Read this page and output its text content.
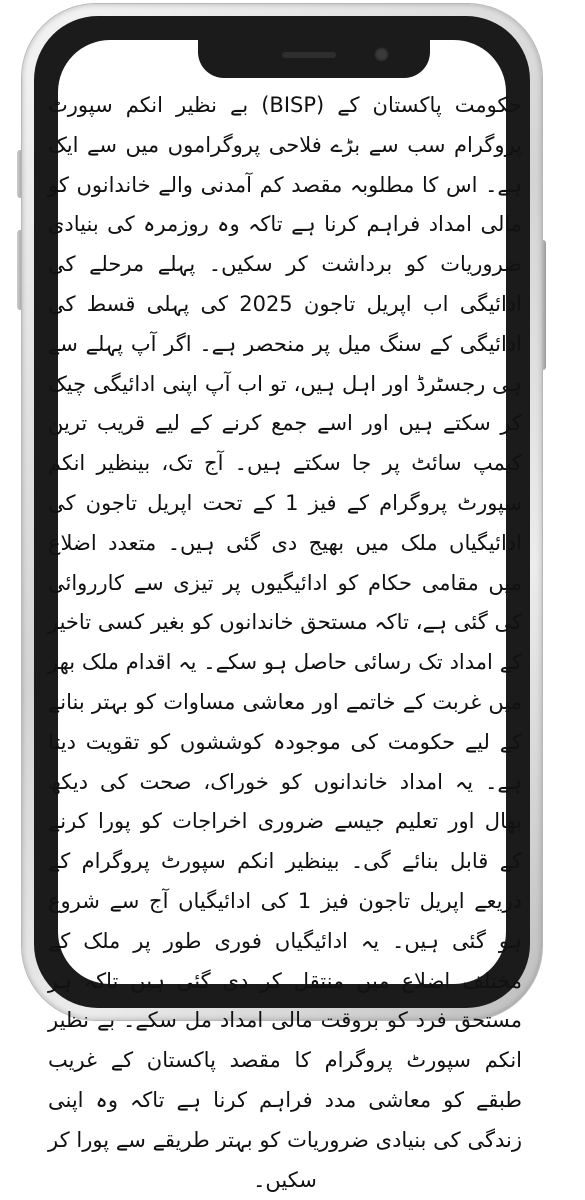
حکومت پاکستان کے (BISP) بے نظیر انکم سپورٹ پروگرام سب سے بڑے فلاحی پروگراموں میں سے ایک ہے۔ اس کا مطلوبہ مقصد کم آمدنی والے خاندانوں کو مالی امداد فراہم کرنا ہے تاکہ وہ روزمرہ کی بنیادی ضروریات کو برداشت کر سکیں۔ پہلے مرحلے کی ادائیگی اب اپریل تاجون 2025 کی پہلی قسط کی ادائیگی کے سنگ میل پر منحصر ہے۔ اگر آپ پہلے سے ہی رجسٹرڈ اور اہل ہیں، تو اب آپ اپنی ادائیگی چیک کر سکتے ہیں اور اسے جمع کرنے کے لیے قریب ترین کیمپ سائٹ پر جا سکتے ہیں۔ آج تک، بینظیر انکم سپورٹ پروگرام کے فیز 1 کے تحت اپریل تاجون کی ادائیگیاں ملک میں بھیج دی گئی ہیں۔ متعدد اضلاع میں مقامی حکام کو ادائیگیوں پر تیزی سے کارروائی کی گئی ہے، تاکہ مستحق خاندانوں کو بغیر کسی تاخیر کے امداد تک رسائی حاصل ہو سکے۔ یہ اقدام ملک بھر میں غربت کے خاتمے اور معاشی مساوات کو بہتر بنانے کے لیے حکومت کی موجودہ کوششوں کو تقویت دیتا ہے۔ یہ امداد خاندانوں کو خوراک، صحت کی دیکھ بھال اور تعلیم جیسے ضروری اخراجات کو پورا کرنے کے قابل بنائے گی۔ بینظیر انکم سپورٹ پروگرام کے ذریعے اپریل تاجون فیز 1 کی ادائیگیاں آج سے شروع ہو گئی ہیں۔ یہ ادائیگیاں فوری طور پر ملک کے مختلف اضلاع میں منتقل کر دی گئی ہیں تاکہ ہر مستحق فرد کو بروقت مالی امداد مل سکے۔ بے نظیر انکم سپورٹ پروگرام کا مقصد پاکستان کے غریب طبقے کو معاشی مدد فراہم کرنا ہے تاکہ وہ اپنی زندگی کی بنیادی ضروریات کو بہتر طریقے سے پورا کر سکیں۔
